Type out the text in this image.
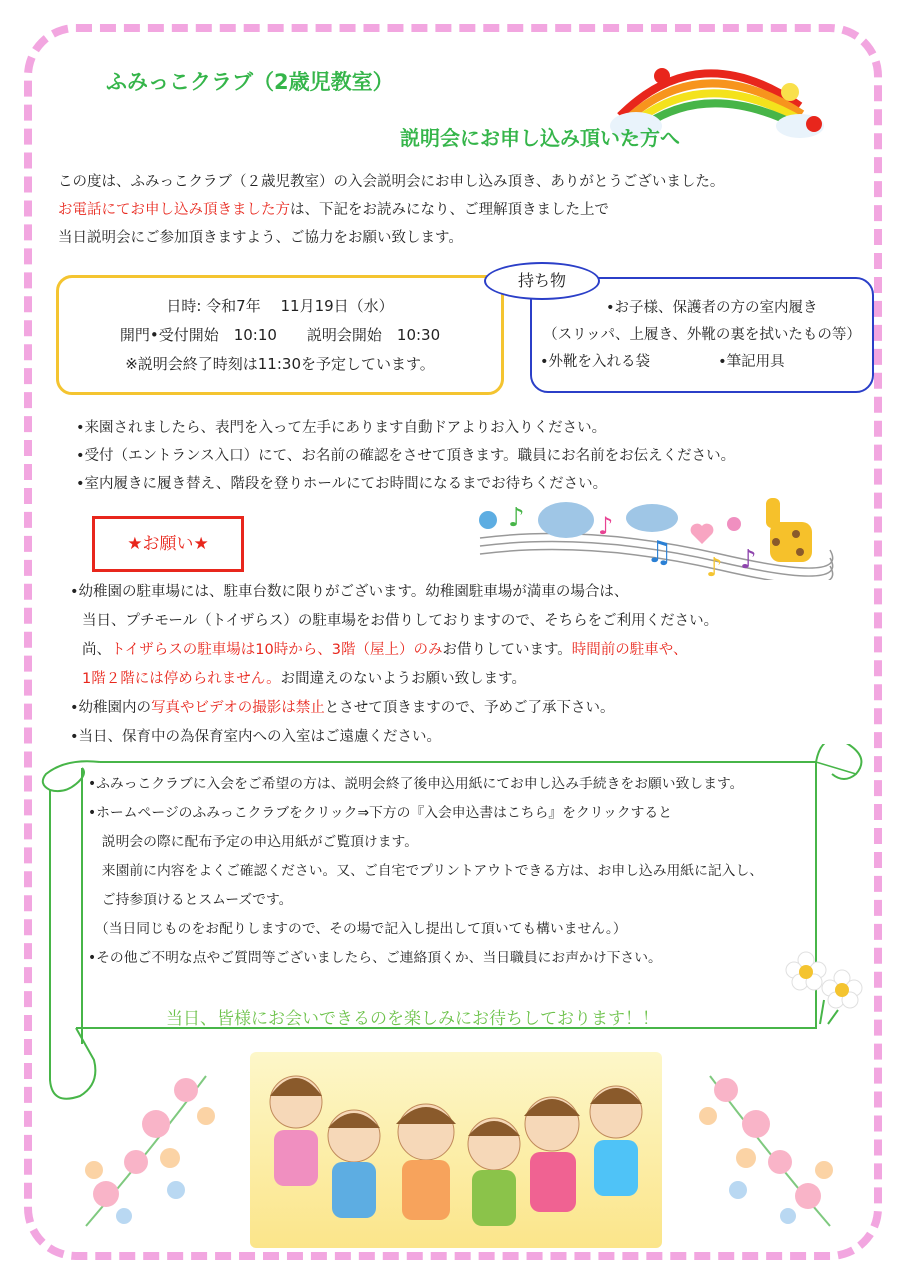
ふみっこクラブ（2歳児教室）
説明会にお申し込み頂いた方へ
この度は、ふみっこクラブ（２歳児教室）の入会説明会にお申し込み頂き、ありがとうございました。
お電話にてお申し込み頂きました方は、下記をお読みになり、ご理解頂きました上で
当日説明会にご参加頂きますよう、ご協力をお願い致します。
日時: 令和7年　 11月19日（水）
開門•受付開始　10:10　　説明会開始　10:30
※説明会終了時刻は11:30を予定しています。
•お子様、保護者の方の室内履き
（スリッパ、上履き、外靴の裏を拭いたもの等）
•外靴を入れる袋	•筆記用具
持ち物
•来園されましたら、表門を入って左手にあります自動ドアよりお入りください。
•受付（エントランス入口）にて、お名前の確認をさせて頂きます。職員にお名前をお伝えください。
•室内履きに履き替え、階段を登りホールにてお時間になるまでお待ちください。
♪	♪
♫ ♪ ♪
★お願い★
•幼稚園の駐車場には、駐車台数に限りがございます。幼稚園駐車場が満車の場合は、
当日、プチモール（トイザらス）の駐車場をお借りしておりますので、そちらをご利用ください。
尚、トイザらスの駐車場は10時から、3階（屋上）のみお借りしています。時間前の駐車や、
1階２階には停められません。お間違えのないようお願い致します。
•幼稚園内の写真やビデオの撮影は禁止とさせて頂きますので、予めご了承下さい。
•当日、保育中の為保育室内への入室はご遠慮ください。
•ふみっこクラブに入会をご希望の方は、説明会終了後申込用紙にてお申し込み手続きをお願い致します。
•ホームページのふみっこクラブをクリック⇒下方の『入会申込書はこちら』をクリックすると
　説明会の際に配布予定の申込用紙がご覧頂けます。
　来園前に内容をよくご確認ください。又、ご自宅でプリントアウトできる方は、お申し込み用紙に記入し、
　ご持参頂けるとスムーズです。
　（当日同じものをお配りしますので、その場で記入し提出して頂いても構いません。）
•その他ご不明な点やご質問等ございましたら、ご連絡頂くか、当日職員にお声かけ下さい。
当日、皆様にお会いできるのを楽しみにお待ちしております！！
